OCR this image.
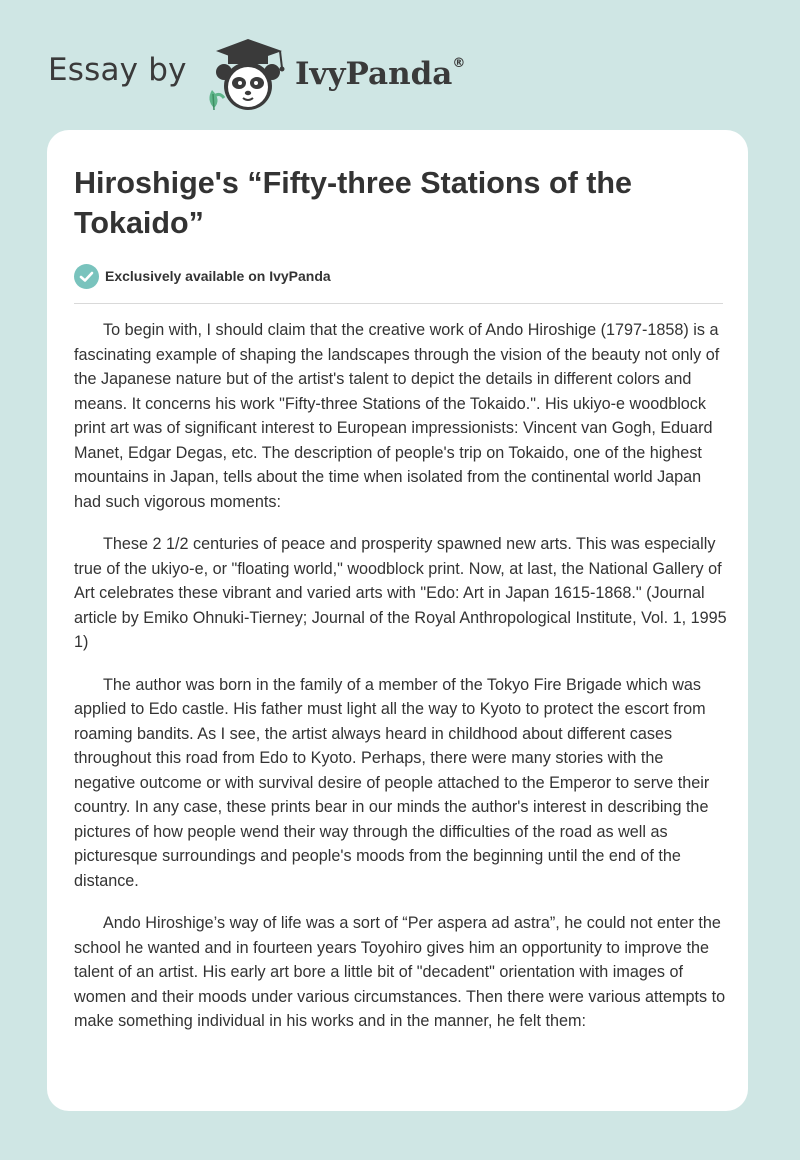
Essay by	IvyPanda®
Hiroshige's “Fifty-three Stations of the Tokaido”
Exclusively available on IvyPanda

To begin with, I should claim that the creative work of Ando Hiroshige (1797-1858) is a fascinating example of shaping the landscapes through the vision of the beauty not only of the Japanese nature but of the artist's talent to depict the details in different colors and means. It concerns his work "Fifty-three Stations of the Tokaido.". His ukiyo-e woodblock print art was of significant interest to European impressionists: Vincent van Gogh, Eduard Manet, Edgar Degas, etc. The description of people's trip on Tokaido, one of the highest mountains in Japan, tells about the time when isolated from the continental world Japan had such vigorous moments:

These 2 1/2 centuries of peace and prosperity spawned new arts. This was especially true of the ukiyo-e, or "floating world," woodblock print. Now, at last, the National Gallery of Art celebrates these vibrant and varied arts with "Edo: Art in Japan 1615-1868." (Journal article by Emiko Ohnuki-Tierney; Journal of the Royal Anthropological Institute, Vol. 1, 1995 1)

The author was born in the family of a member of the Tokyo Fire Brigade which was applied to Edo castle. His father must light all the way to Kyoto to protect the escort from roaming bandits. As I see, the artist always heard in childhood about different cases throughout this road from Edo to Kyoto. Perhaps, there were many stories with the negative outcome or with survival desire of people attached to the Emperor to serve their country. In any case, these prints bear in our minds the author's interest in describing the pictures of how people wend their way through the difficulties of the road as well as picturesque surroundings and people's moods from the beginning until the end of the distance.

Ando Hiroshige’s way of life was a sort of “Per aspera ad astra”, he could not enter the school he wanted and in fourteen years Toyohiro gives him an opportunity to improve the talent of an artist. His early art bore a little bit of "decadent" orientation with images of women and their moods under various circumstances. Then there were various attempts to make something individual in his works and in the manner, he felt them:
